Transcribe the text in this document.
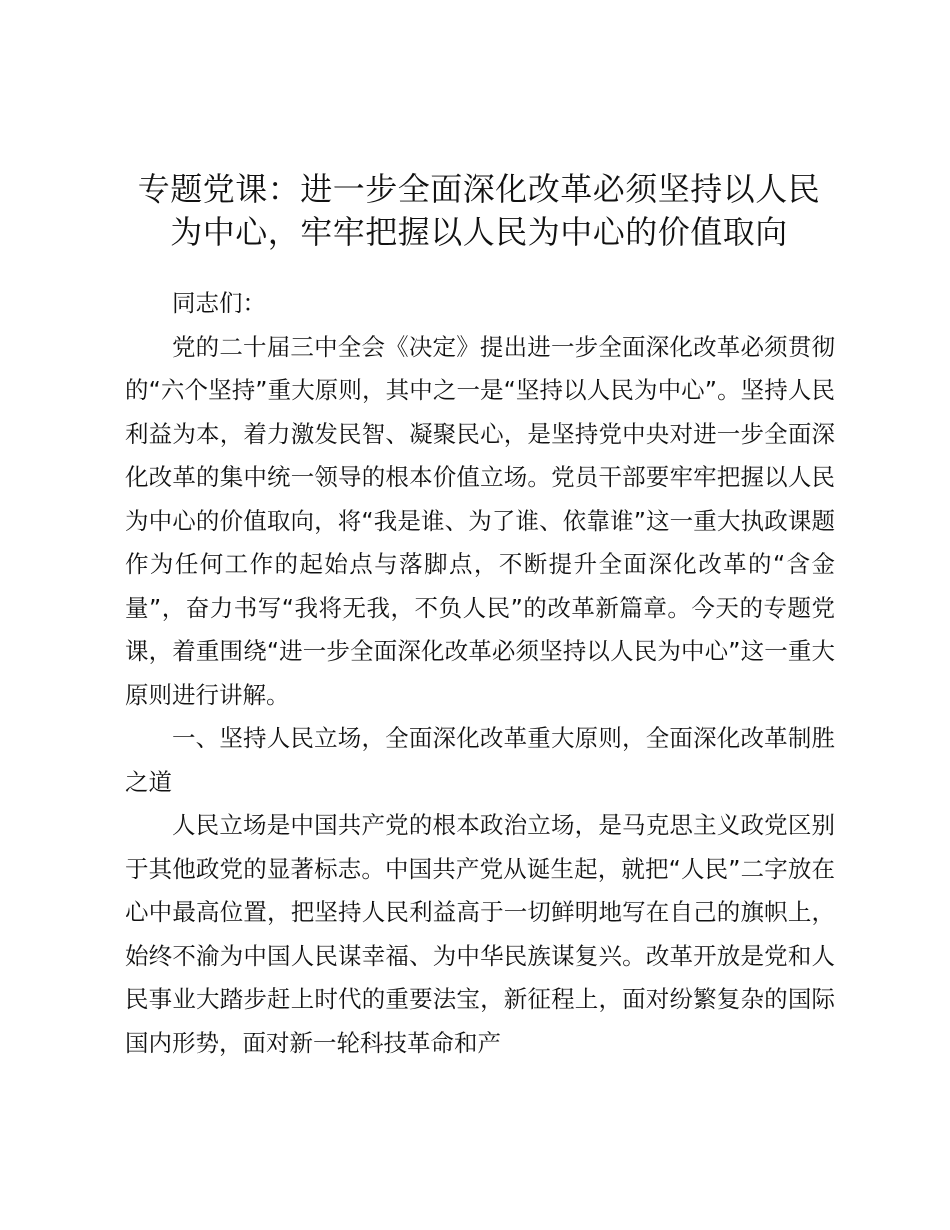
专题党课：进一步全面深化改革必须坚持以人民为中心，牢牢把握以人民为中心的价值取向

同志们：

党的二十届三中全会《决定》提出进一步全面深化改革必须贯彻的“六个坚持”重大原则，其中之一是“坚持以人民为中心”。坚持人民利益为本，着力激发民智、凝聚民心，是坚持党中央对进一步全面深化改革的集中统一领导的根本价值立场。党员干部要牢牢把握以人民为中心的价值取向，将“我是谁、为了谁、依靠谁”这一重大执政课题作为任何工作的起始点与落脚点，不断提升全面深化改革的“含金量”，奋力书写“我将无我，不负人民”的改革新篇章。今天的专题党课，着重围绕“进一步全面深化改革必须坚持以人民为中心”这一重大原则进行讲解。

一、坚持人民立场，全面深化改革重大原则，全面深化改革制胜之道

人民立场是中国共产党的根本政治立场，是马克思主义政党区别于其他政党的显著标志。中国共产党从诞生起，就把“人民”二字放在心中最高位置，把坚持人民利益高于一切鲜明地写在自己的旗帜上，始终不渝为中国人民谋幸福、为中华民族谋复兴。改革开放是党和人民事业大踏步赶上时代的重要法宝，新征程上，面对纷繁复杂的国际国内形势，面对新一轮科技革命和产
